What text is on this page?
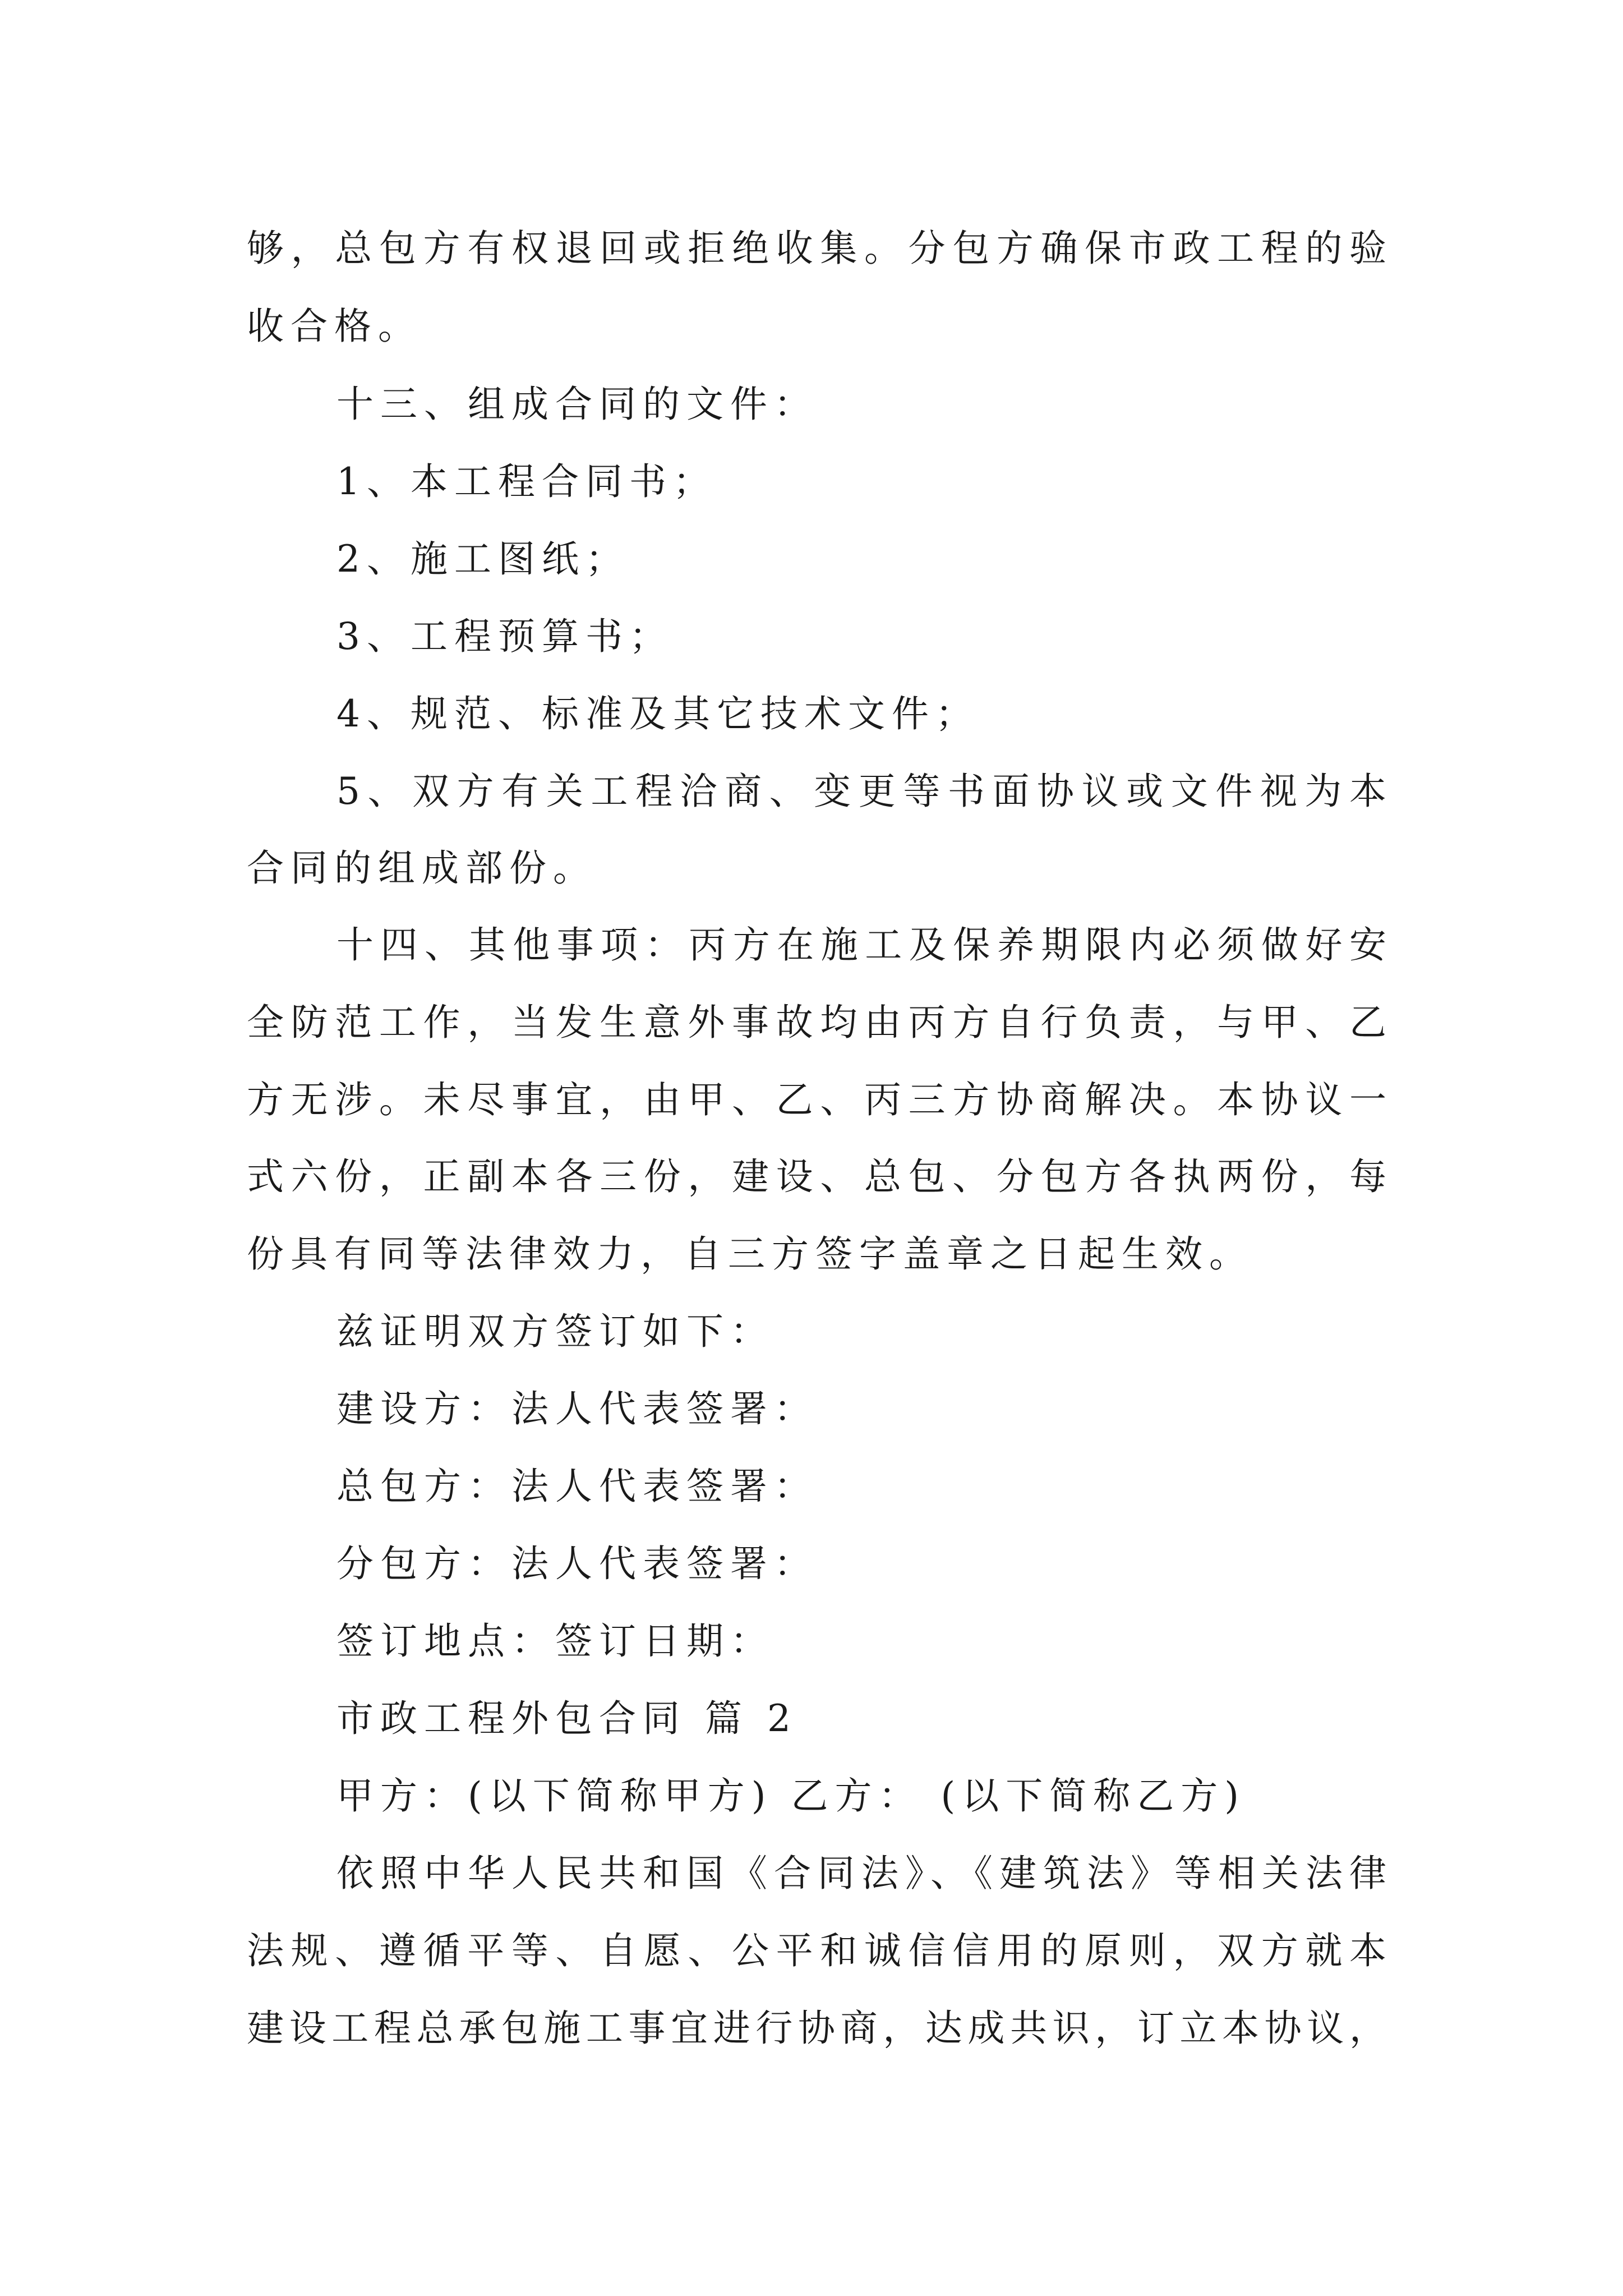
够，总包方有权退回或拒绝收集。分包方确保市政工程的验
收合格。
十三、组成合同的文件：
1、本工程合同书；
2、施工图纸；
3、工程预算书；
4、规范、标准及其它技术文件；
5、双方有关工程洽商、变更等书面协议或文件视为本
合同的组成部份。
十四、其他事项：丙方在施工及保养期限内必须做好安
全防范工作，当发生意外事故均由丙方自行负责，与甲、乙
方无涉。未尽事宜，由甲、乙、丙三方协商解决。本协议一
式六份，正副本各三份，建设、总包、分包方各执两份，每
份具有同等法律效力，自三方签字盖章之日起生效。
兹证明双方签订如下：
建设方：法人代表签署：
总包方：法人代表签署：
分包方：法人代表签署：
签订地点：签订日期：
市政工程外包合同 篇 2
甲方：(以下简称甲方) 乙方： (以下简称乙方)
依照中华人民共和国《合同法》、《建筑法》等相关法律
法规、遵循平等、自愿、公平和诚信信用的原则，双方就本
建设工程总承包施工事宜进行协商，达成共识，订立本协议，
